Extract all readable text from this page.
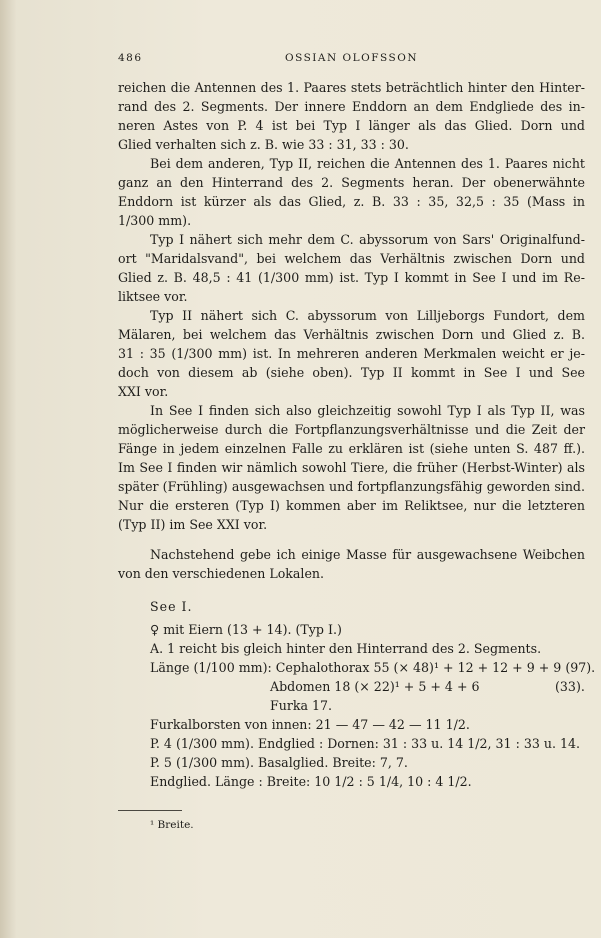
486	OSSIAN OLOFSSON
reichen die Antennen des 1. Paares stets beträchtlich hinter den Hinter-
rand des 2. Segments. Der innere Enddorn an dem Endgliede des in-
neren Astes von P. 4 ist bei Typ I länger als das Glied. Dorn und
Glied verhalten sich z. B. wie 33 : 31, 33 : 30.
Bei dem anderen, Typ II, reichen die Antennen des 1. Paares nicht
ganz an den Hinterrand des 2. Segments heran. Der obenerwähnte
Enddorn ist kürzer als das Glied, z. B. 33 : 35, 32,5 : 35 (Mass in
1/300 mm).
Typ I nähert sich mehr dem C. abyssorum von Sars' Originalfund-
ort "Maridalsvand", bei welchem das Verhältnis zwischen Dorn und
Glied z. B. 48,5 : 41 (1/300 mm) ist. Typ I kommt in See I und im Re-
liktsee vor.
Typ II nähert sich C. abyssorum von Lilljeborgs Fundort, dem
Mälaren, bei welchem das Verhältnis zwischen Dorn und Glied z. B.
31 : 35 (1/300 mm) ist. In mehreren anderen Merkmalen weicht er je-
doch von diesem ab (siehe oben). Typ II kommt in See I und See
XXI vor.
In See I finden sich also gleichzeitig sowohl Typ I als Typ II, was
möglicherweise durch die Fortpflanzungsverhältnisse und die Zeit der
Fänge in jedem einzelnen Falle zu erklären ist (siehe unten S. 487 ff.).
Im See I finden wir nämlich sowohl Tiere, die früher (Herbst-Winter) als
später (Frühling) ausgewachsen und fortpflanzungsfähig geworden sind.
Nur die ersteren (Typ I) kommen aber im Reliktsee, nur die letzteren
(Typ II) im See XXI vor.
Nachstehend gebe ich einige Masse für ausgewachsene Weibchen
von den verschiedenen Lokalen.
See I.
♀ mit Eiern (13 + 14). (Typ I.)
A. 1 reicht bis gleich hinter den Hinterrand des 2. Segments.
Länge (1/100 mm): Cephalothorax 55 (× 48)¹ + 12 + 12 + 9 + 9 (97).
Abdomen 18 (× 22)¹ + 5 + 4 + 6	(33).
Furka 17.
Furkalborsten von innen: 21 — 47 — 42 — 11 1/2.
P. 4 (1/300 mm). Endglied : Dornen: 31 : 33 u. 14 1/2, 31 : 33 u. 14.
P. 5 (1/300 mm). Basalglied. Breite: 7, 7.
Endglied. Länge : Breite: 10 1/2 : 5 1/4, 10 : 4 1/2.
¹ Breite.
